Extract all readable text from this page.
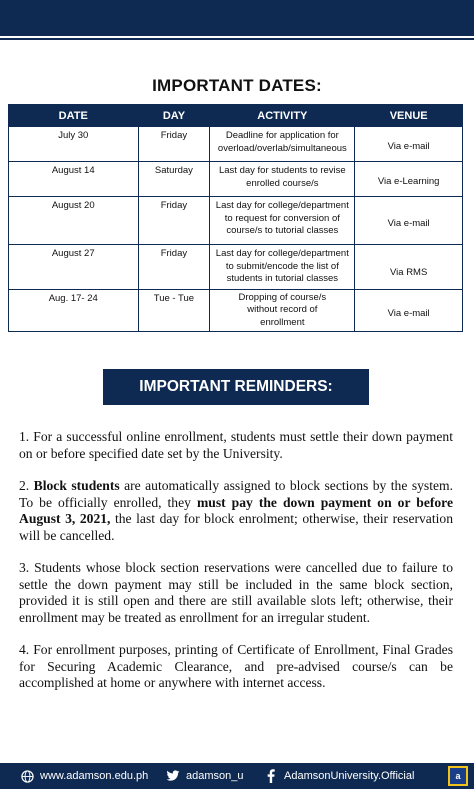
IMPORTANT DATES:
DATE	DAY	ACTIVITY	VENUE
July 30	Friday	Deadline for application for overload/overlab/simultaneous	Via e-mail
August 14	Saturday	Last day for students to revise enrolled course/s	Via e-Learning
August 20	Friday	Last day for college/department to request for conversion of course/s to tutorial classes	Via e-mail
August 27	Friday	Last day for college/department to submit/encode the list of students in tutorial classes	Via RMS
Aug. 17- 24	Tue - Tue	Dropping of course/s without record of enrollment	Via e-mail
IMPORTANT REMINDERS:

1. For a successful online enrollment, students must settle their down payment on or before specified date set by the University.

2. Block students are automatically assigned to block sections by the system. To be officially enrolled, they must pay the down payment on or before August 3, 2021, the last day for block enrolment; otherwise, their reservation will be cancelled.

3. Students whose block section reservations were cancelled due to failure to settle the down payment may still be included in the same block section, provided it is still open and there are still available slots left; otherwise, their enrollment may be treated as enrollment for an irregular student.

4. For enrollment purposes, printing of Certificate of Enrollment, Final Grades for Securing Academic Clearance, and pre-advised course/s can be accomplished at home or anywhere with internet access.

www.adamson.edu.ph	adamson_u	AdamsonUniversity.Official	a
